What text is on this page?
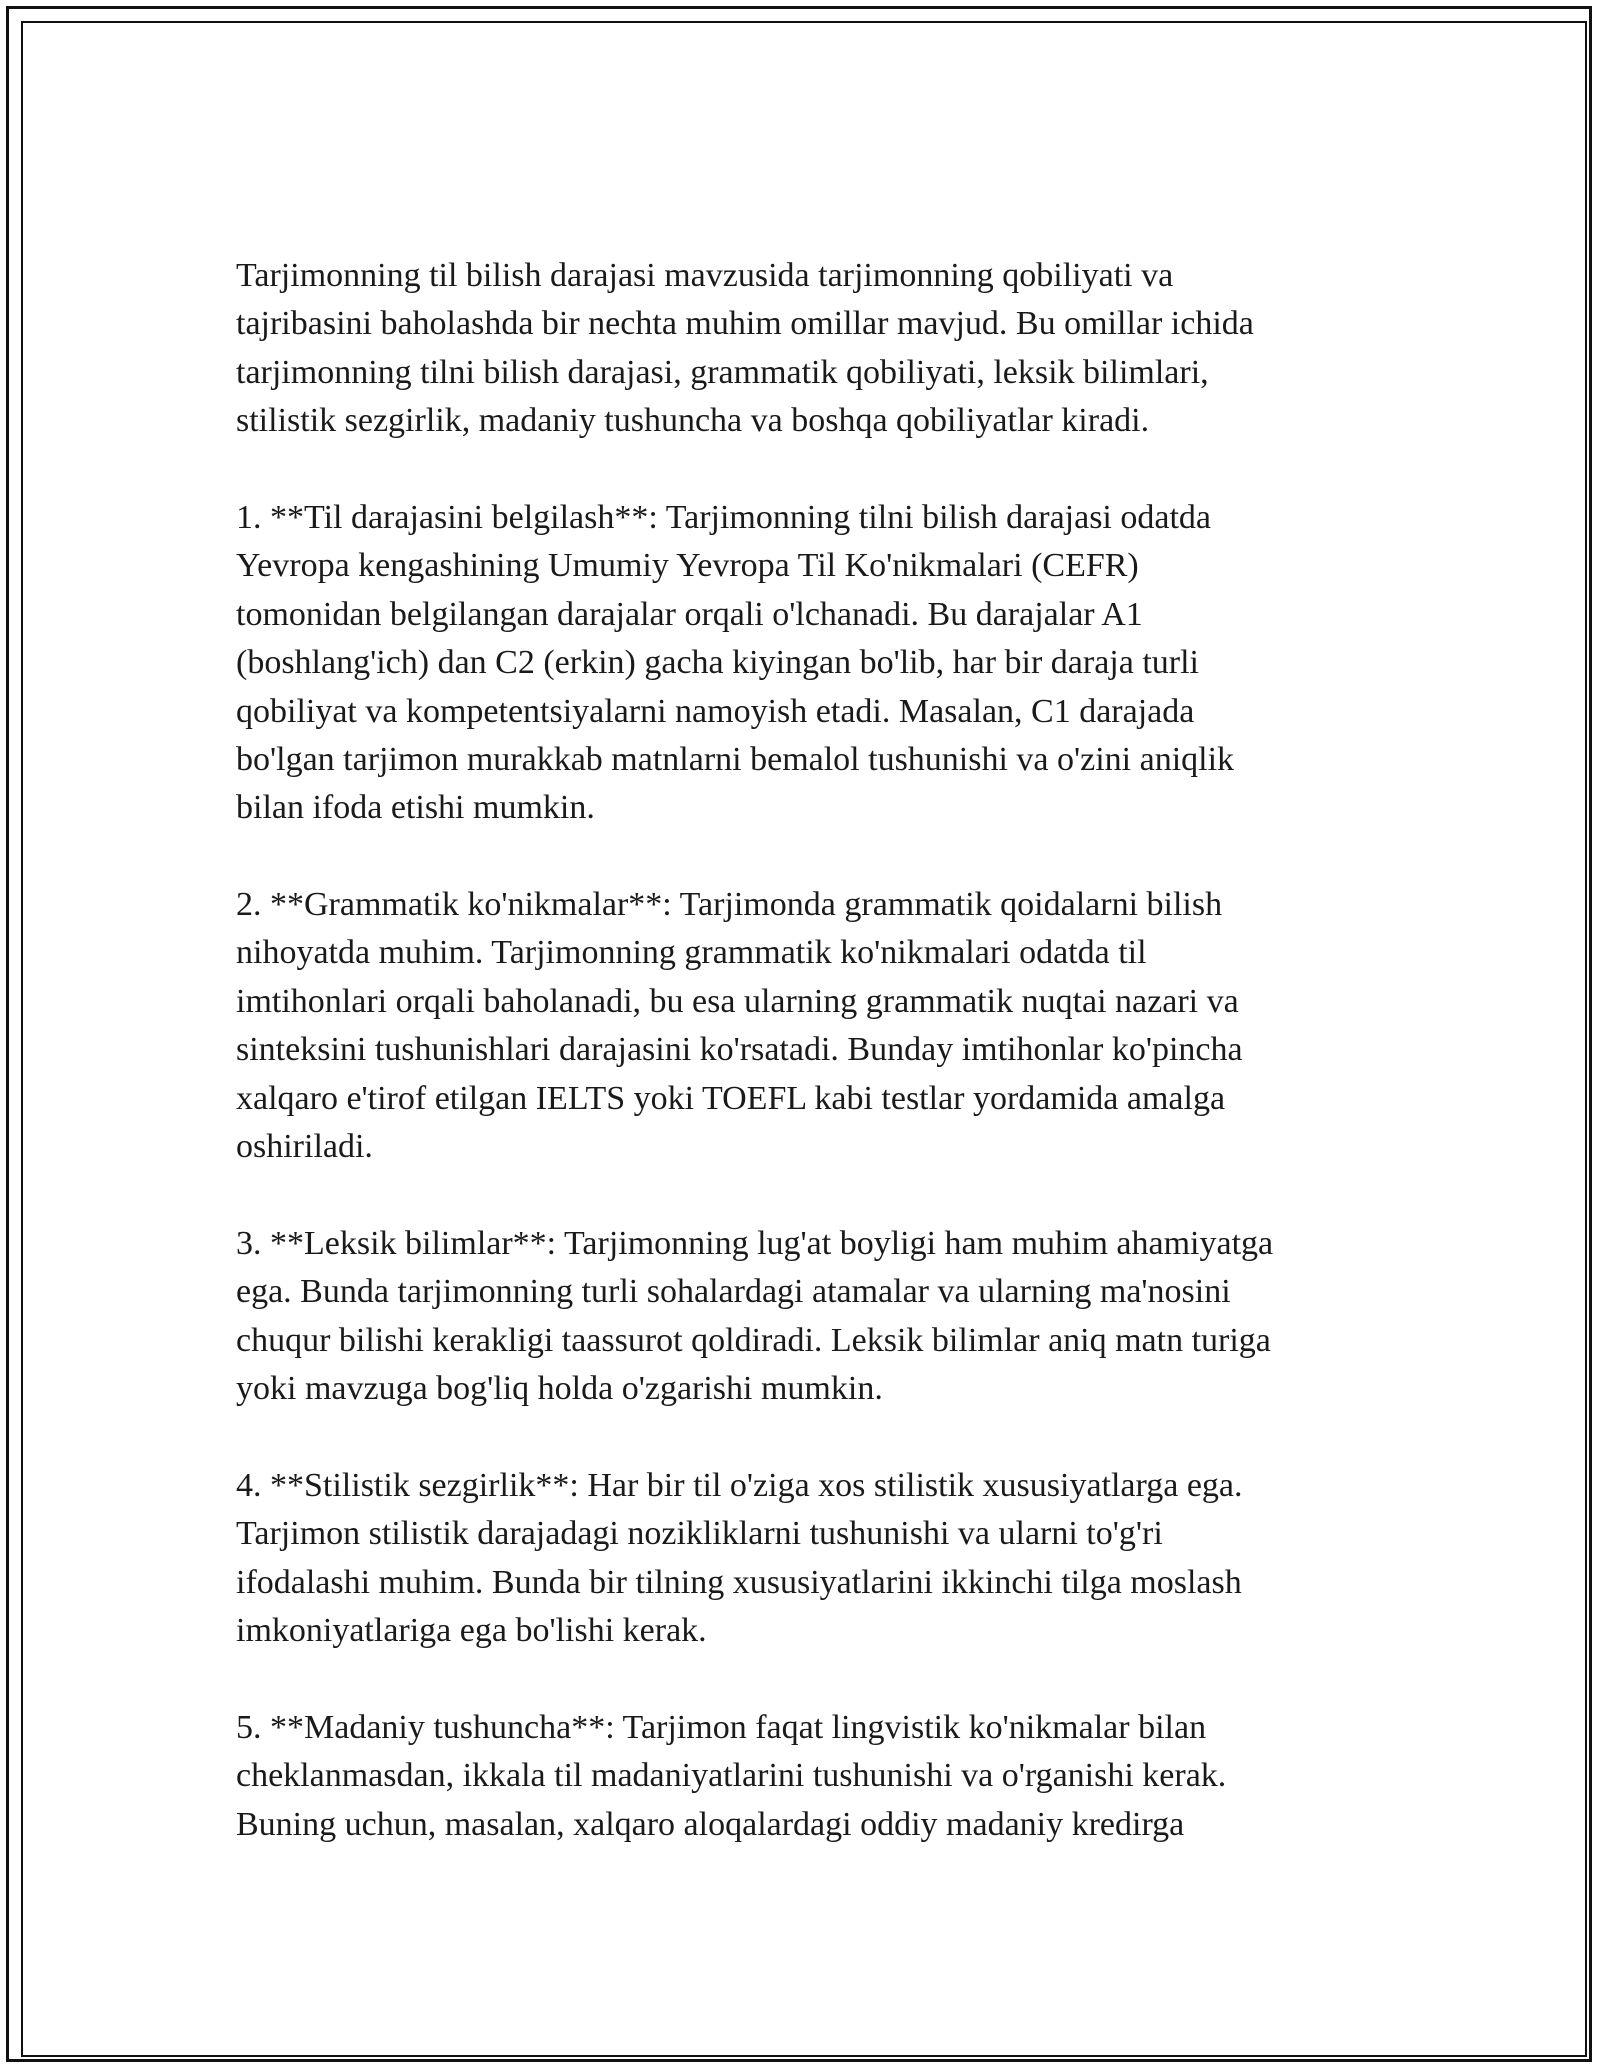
Tarjimonning til bilish darajasi mavzusida tarjimonning qobiliyati va
tajribasini baholashda bir nechta muhim omillar mavjud. Bu omillar ichida
tarjimonning tilni bilish darajasi, grammatik qobiliyati, leksik bilimlari,
stilistik sezgirlik, madaniy tushuncha va boshqa qobiliyatlar kiradi.

1. **Til darajasini belgilash**: Tarjimonning tilni bilish darajasi odatda
Yevropa kengashining Umumiy Yevropa Til Ko'nikmalari (CEFR)
tomonidan belgilangan darajalar orqali o'lchanadi. Bu darajalar A1
(boshlang'ich) dan C2 (erkin) gacha kiyingan bo'lib, har bir daraja turli
qobiliyat va kompetentsiyalarni namoyish etadi. Masalan, C1 darajada
bo'lgan tarjimon murakkab matnlarni bemalol tushunishi va o'zini aniqlik
bilan ifoda etishi mumkin.

2. **Grammatik ko'nikmalar**: Tarjimonda grammatik qoidalarni bilish
nihoyatda muhim. Tarjimonning grammatik ko'nikmalari odatda til
imtihonlari orqali baholanadi, bu esa ularning grammatik nuqtai nazari va
sinteksini tushunishlari darajasini ko'rsatadi. Bunday imtihonlar ko'pincha
xalqaro e'tirof etilgan IELTS yoki TOEFL kabi testlar yordamida amalga
oshiriladi.

3. **Leksik bilimlar**: Tarjimonning lug'at boyligi ham muhim ahamiyatga
ega. Bunda tarjimonning turli sohalardagi atamalar va ularning ma'nosini
chuqur bilishi kerakligi taassurot qoldiradi. Leksik bilimlar aniq matn turiga
yoki mavzuga bog'liq holda o'zgarishi mumkin.

4. **Stilistik sezgirlik**: Har bir til o'ziga xos stilistik xususiyatlarga ega.
Tarjimon stilistik darajadagi nozikliklarni tushunishi va ularni to'g'ri
ifodalashi muhim. Bunda bir tilning xususiyatlarini ikkinchi tilga moslash
imkoniyatlariga ega bo'lishi kerak.

5. **Madaniy tushuncha**: Tarjimon faqat lingvistik ko'nikmalar bilan
cheklanmasdan, ikkala til madaniyatlarini tushunishi va o'rganishi kerak.
Buning uchun, masalan, xalqaro aloqalardagi oddiy madaniy kredirga
